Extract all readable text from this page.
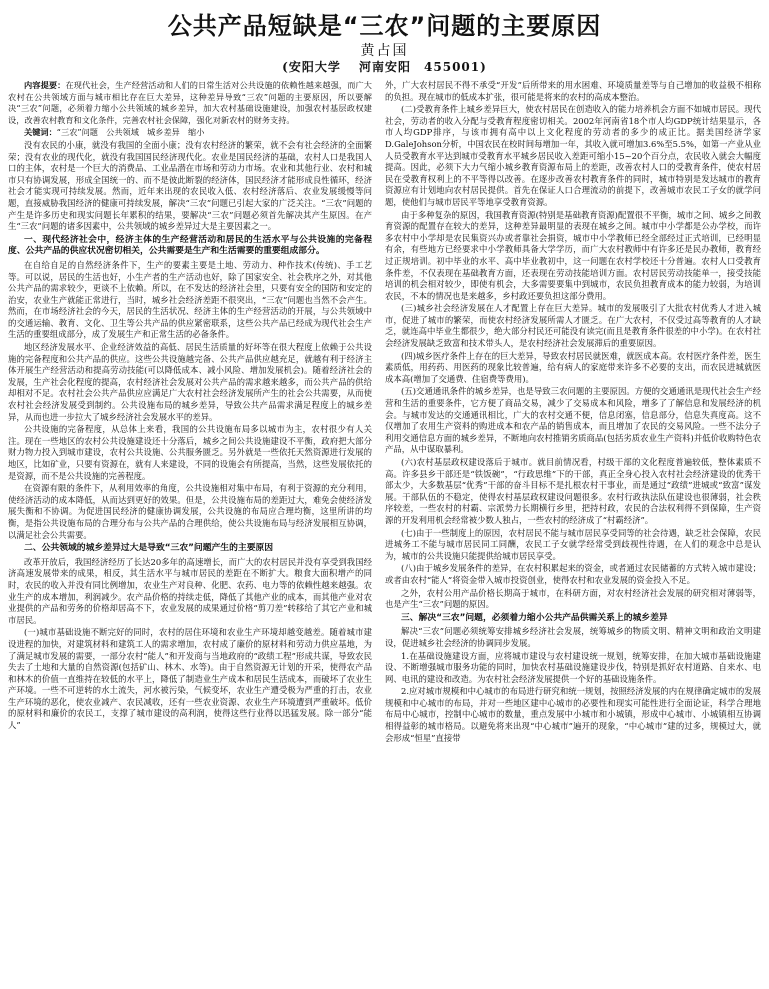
公共产品短缺是“三农”问题的主要原因
黄占国
(安阳大学　 河南安阳　455001)

内容提要：在现代社会，生产经营活动和人们的日常生活对公共设施的依赖性越来越强，而广大农村在公共领域方面与城市相比存在巨大差异，这种差异导致“三农”问题的主要原因，所以要解决“三农”问题，必须着力缩小公共领域的城乡差异，加大农村基础设施建设，加强农村基层政权建设，改善农村教育和文化条件，完善农村社会保障，强化对新农村的财务支持。

关键词：“三农”问题　公共领域　城乡差异　缩小

没有农民的小康，就没有我国的全面小康；没有农村经济的繁荣，就不会有社会经济的全面繁荣；没有农业的现代化，就没有我国国民经济现代化。农业是国民经济的基础，农村人口是我国人口的主体，农村是一个巨大的消费品、工业品潜在市场和劳动力市场。农业和其他行业、农村和城市只有协调发展，形成全国统一的、而不是彼此断裂的经济体，国民经济才能形成良性循环，经济社会才能实现可持续发展。然而，近年来出现的农民收入低、农村经济落后、农业发展缓慢等问题，直接威胁我国经济的健康可持续发展，解决“三农”问题已引起大家的广泛关注。“三农”问题的产生是许多历史和现实问题长年累积的结果，要解决“三农”问题必须首先解决其产生原因。在产生“三农”问题的诸多因素中，公共领域的城乡差异过大是主要因素之一。

一、现代经济社会中，经济主体的生产经营活动和居民的生活水平与公共设施的完备程度、公共产品的供应状况密切相关，公共需要是生产和生活需要的重要组成部分。

在自给自足的自然经济条件下，生产的要素主要是土地、劳动力、种作技术(传统)、手工艺等。可以说，居民的生活也好，小生产者的生产活动也好，除了国家安全、社会秩序之外，对其他公共产品的需求较少，更谈不上依赖。所以，在不发达的经济社会里，只要有安全的国防和安定的治安，农业生产就能正常进行，当时，城乡社会经济差距不很突出，“三农”问题也当然不会产生。然而，在市场经济社会的今天，居民的生活状况、经济主体的生产经营活动的开展，与公共领域中的交通运输、教育、文化、卫生等公共产品的供应紧密联系，这些公共产品已经成为现代社会生产生活的重要组成部分，成了发展生产和正常生活的必备条件。

地区经济发展水平、企业经济效益的高低、居民生活质量的好坏等在很大程度上依赖于公共设施的完备程度和公共产品的供应。这些公共设施越完备、公共产品供应越充足，就越有利于经济主体开展生产经营活动和提高劳动技能(可以降低成本、减小风险、增加发展机会)。随着经济社会的发展，生产社会化程度的提高，农村经济社会发展对公共产品的需求越来越多，而公共产品的供给却相对不足。农村社会公共产品供应应满足广大农村社会经济发展所产生的社会公共需要，从而使农村社会经济发展受到制约。公共设施布局的城乡差异，导致公共产品需求满足程度上的城乡差异，从而也进一步拉大了城乡经济社会发展水平的差异。

公共设施的完备程度，从总体上来看，我国的公共设施布局多以城市为主，农村很少有人关注。现在一些地区的农村公共设施建设还十分落后，城乡之间公共设施建设不平衡，政府把大部分财力物力投入到城市建设，农村公共设施、公共服务匮乏。另外就是一些依托天然资源进行发展的地区，比如矿业，只要有资源在，就有人来建设，不同的设施会有所提高，当然，这些发展依托的是资源，而不是公共设施的完善程度。

在资源有限的条件下，从利用效率的角度，公共设施相对集中布局，有利于资源的充分利用，使经济活动的成本降低，从而达到更好的效果。但是，公共设施布局的差距过大，难免会使经济发展失衡和不协调。为促进国民经济的健康协调发展，公共设施的布局应合理均衡，这里所讲的均衡，是指公共设施布局的合理分布与公共产品的合理供给，使公共设施布局与经济发展相互协调，以满足社会公共需要。

二、公共领域的城乡差异过大是导致“三农”问题产生的主要原因

改革开放后，我国经济经历了长达20多年的高速增长，而广大的农村居民并没有享受到我国经济高速发展带来的成果，相反，其生活水平与城市居民的差距在不断扩大。粮食大面积增产的同时，农民的收入并没有同比例增加，农业生产对良种、化肥、农药、电力等的依赖性越来越强。农业生产的成本增加，利润减少。农产品价格的持续走低，降低了其他产业的成本，而其他产业对农业提供的产品和劳务的价格却居高不下，农业发展的成果通过价格“剪刀差”转移给了其它产业和城市居民。

(一)城市基础设施不断完好的同时，农村的居住环境和农业生产环境却越变越差。随着城市建设进程的加快，对建筑材料和建筑工人的需求增加，农村成了廉价的原材料和劳动力供应基地，为了满足城市发展的需要，一部分农村“能人”和开发商与当地政府的“政绩工程”形成共谋，导致农民失去了土地和大量的自然资源(包括矿山、林木、水等)。由于自然资源无计划的开采，使得农产品和林木的价值一直维持在较低的水平上，降低了制造业生产成本和居民生活成本，而破坏了农业生产环境。一些不可逆转的水土流失，河水被污染，气候变坏，农业生产遭受极为严重的打击，农业生产环境的恶化，使农业减产、农民减收，还有一些农业资源、农业生产环境遭到严重破坏。低价的原材料和廉价的农民工，支撑了城市建设的高利润，使得这些行业得以迅猛发展。除一部分“能人”

外，广大农村居民不得不承受“开发”后所带来的用水困难、环境质量差等与自己增加的收益极不相称的负担。现在城市的低成本扩张，很可能是将来的农村的高成本整治。

(二)受教育条件上城乡差异巨大，使农村居民在创造收入的能力培养机会方面不如城市居民。现代社会，劳动者的收入分配与受教育程度密切相关。2002年河南省18个市人均GDP统计结果显示，各市人均GDP排序，与该市拥有高中以上文化程度的劳动者的多少的成正比。据美国经济学家D.GaleJohson分析，中国农民在校时间每增加一年，其收入就可增加3.6%至5.5%，如第一产业从业人员受教育水平达到城市受教育水平城乡居民收入差距可缩小15~20个百分点，农民收入就会大幅度提高。因此，必须下大力气缩小城乡教育资源布局上的差距，改善农村人口的受教育条件，使农村居民在受教育权利上的不平等得以改善。在逐步改善农村教育条件的同时，城市特别是发达城市的教育资源应有计划地向农村居民提供。首先在保证人口合理流动的前提下，改善城市农民工子女的就学问题，使他们与城市居民平等地享受教育资源。

由于多种复杂的原因，我国教育资源(特别是基础教育资源)配置很不平衡，城市之间、城乡之间教育资源的配置存在较大的差异，这种差异最明显的表现在城乡之间。城市中小学都是公办学校，而许多农村中小学却是农民集资兴办或者靠社会捐资，城市中小学教师已经全部经过正式培训，已经明显有余，有些地方已经要求中小学教师具备大学学历，而广大农村教师中有许多还是民办教师，教育经过正规培训。初中毕业的水平、高中毕业教初中，这一问题在农村学校还十分普遍。农村人口受教育条件差，不仅表现在基础教育方面，还表现在劳动技能培训方面。农村居民劳动技能单一，接受技能培训的机会相对较少，即使有机会，大多需要要集中到城市，农民负担教育成本的能力较弱，为培训农民，不本的情况也是来越多，乡村政还要负担这部分费用。

(三)城乡社会经济发展在人才配置上存在巨大差异。城市的发展吸引了大批农村优秀人才进入城市，促进了城市的繁荣，而使农村经济发展所需人才匮乏。在广大农村，不仅受过高等教育的人才缺乏，就连高中毕业生都很少，绝大部分村民还可能没有读完(而且是教育条件很差的中小学)。在农村社会经济发展缺乏致富和技术带头人，是农村经济社会发展滞后的重要原因。

(四)城乡医疗条件上存在的巨大差异，导致农村居民就医难，就医成本高。农村医疗条件差，医生素质低，用药药、用医药的现象比较普遍，给有病人的家庭带来许多不必要的支出，而农民进城就医成本高(增加了交通费、住宿费等费用)。

(五)交通通讯条件的城乡差异，也是导致三农问题的主要原因。方便的交通通讯是现代社会生产经营和生活的重要条件，它方便了商品交易，减少了交易成本和风险，增多了了解信息和发展经济的机会。与城市发达的交通通讯相比，广大的农村交通不便，信息闭塞，信息部分，信息失真度高。这不仅增加了农用生产资料的购进成本和农产品的销售成本，而且增加了农民的交易风险。一些不法分子利用交通信息方面的城乡差异，不断地向农村推销劣质商品(包括劣质农业生产资料)并低价收购特色农产品，从中谋取暴利。

(六)农村基层政权建设落后于城市。就目前情况看，村级干部的文化程度普遍较低，整体素质不高。许多县乡干部还是“铁饭碗”，“行政思维”下的干部，真正全身心投入农村社会经济建设的优秀干部太少，大多数基层“优秀”干部的奋斗目标不是扎根农村干事业，而是通过“政绩”进城或“致富”谋发展。干部队伍的不稳定，使得农村基层政权建设问题很多。农村行政执法队伍建设也很薄弱，社会秩序较差，一些农村的村霸、宗派势力长期横行乡里，把持村政，农民的合法权利得不到保障，生产资源的开发利用机会经常被少数人独占，一些农村的经济成了“村霸经济”。

(七)由于一些制度上的原因，农村居民不能与城市居民享受同等的社会待遇，缺乏社会保障，农民进城务工不能与城市居民同工同酬，农民工子女就学经常受到歧视性待遇，在人们的观念中总是认为，城市的公共设施只能提供给城市居民享受。

(八)由于城乡发展条件的差异，在农村积累起来的资金，或者通过农民储蓄的方式转入城市建设；或者由农村“能人”将资金带入城市投资创业，使得农村和农业发展的资金投入不足。

之外，农村公用产品价格长期高于城市，在科研方面，对农村经济社会发展的研究相对薄弱等，也是产生“三农”问题的原因。

三、解决“三农”问题，必须着力缩小公共产品供需关系上的城乡差异

解决“三农”问题必须统筹安排城乡经济社会发展，统筹城乡的物质文明、精神文明和政治文明建设，促进城乡社会经济的协调同步发展。

1.在基础设施建设方面，应将城市建设与农村建设统一规划，统筹安排，在加大城市基础设施建设、不断增强城市服务功能的同时，加快农村基础设施建设步伐，特别是抓好农村道路、自来水、电网、电讯的建设和改造。为农村社会经济发展提供一个好的基础设施条件。

2.应对城市规模和中心城市的布局进行研究和统一规划，按照经济发展的内在规律确定城市的发展规模和中心城市的布局，并对一些地区建中心城市的必要性和现实可能性进行全面论证，科学合理地布局中心城市，控制中心城市的数量，重点发展中小城市和小城镇，形成中心城市、小城镇相互协调相得益彰的城市格局。以避免将来出现“中心城市”遍开的现象，“中心城市”建的过多，规模过大，就会形成“恒星”直接带
